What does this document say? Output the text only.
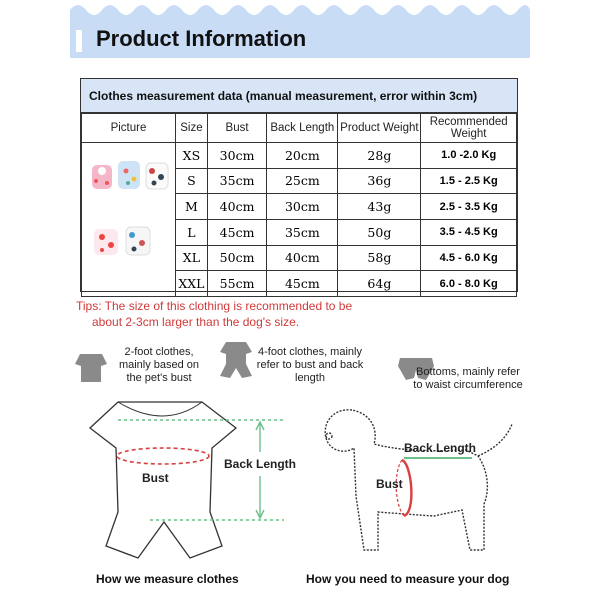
Product Information
Clothes measurement data (manual measurement, error within 3cm)
Picture	Size	Bust	Back Length	Product Weight	Recommended Weight
	XS	30cm	20cm	28g	1.0 -2.0 Kg
	S	35cm	25cm	36g	1.5 - 2.5 Kg
	M	40cm	30cm	43g	2.5 - 3.5 Kg
	L	45cm	35cm	50g	3.5 - 4.5 Kg
	XL	50cm	40cm	58g	4.5 - 6.0 Kg
	XXL	55cm	45cm	64g	6.0 - 8.0 Kg
Tips: The size of this clothing is recommended to be
about 2-3cm larger than the dog's size.
2-foot clothes, mainly based on the pet's bust
4-foot clothes, mainly refer to bust and back length	Bottoms, mainly refer to waist circumference
Back Length
Bust
Back Length
Bust
How we measure clothes	How you need to measure your dog
